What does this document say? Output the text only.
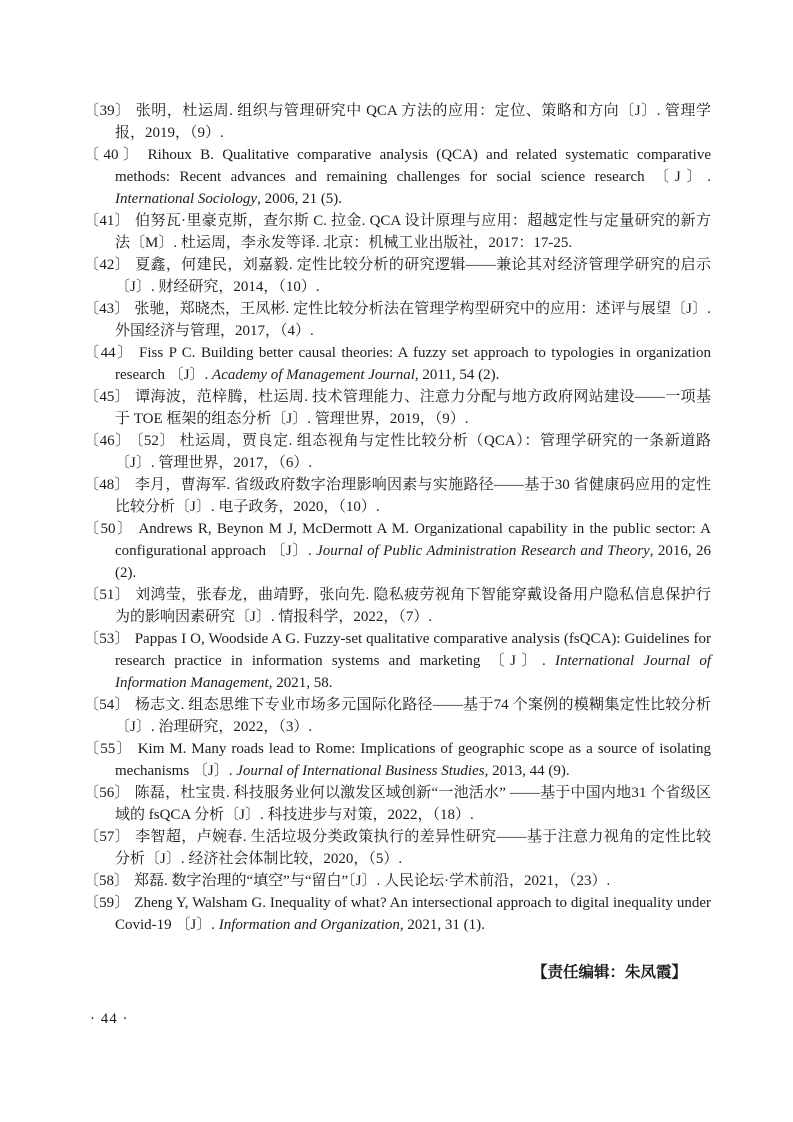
〔39〕 张明，杜运周. 组织与管理研究中 QCA 方法的应用：定位、策略和方向〔J〕. 管理学报，2019，（9）.
〔40〕 Rihoux B. Qualitative comparative analysis (QCA) and related systematic comparative methods: Recent advances and remaining challenges for social science research 〔J〕. International Sociology, 2006, 21 (5).
〔41〕 伯努瓦·里豪克斯，查尔斯 C. 拉金. QCA 设计原理与应用：超越定性与定量研究的新方法〔M〕. 杜运周，李永发等译. 北京：机械工业出版社，2017：17-25.
〔42〕 夏鑫，何建民，刘嘉毅. 定性比较分析的研究逻辑——兼论其对经济管理学研究的启示〔J〕. 财经研究，2014，（10）.
〔43〕 张驰，郑晓杰，王凤彬. 定性比较分析法在管理学构型研究中的应用：述评与展望〔J〕. 外国经济与管理，2017，（4）.
〔44〕 Fiss P C. Building better causal theories: A fuzzy set approach to typologies in organization research 〔J〕. Academy of Management Journal, 2011, 54 (2).
〔45〕 谭海波，范梓腾，杜运周. 技术管理能力、注意力分配与地方政府网站建设——一项基于 TOE 框架的组态分析〔J〕. 管理世界，2019，（9）.
〔46〕 〔52〕 杜运周，贾良定. 组态视角与定性比较分析（QCA）：管理学研究的一条新道路〔J〕. 管理世界，2017，（6）.
〔48〕 李月，曹海军. 省级政府数字治理影响因素与实施路径——基于30 省健康码应用的定性比较分析〔J〕. 电子政务，2020，（10）.
〔50〕 Andrews R, Beynon M J, McDermott A M. Organizational capability in the public sector: A configurational approach 〔J〕. Journal of Public Administration Research and Theory, 2016, 26 (2).
〔51〕 刘鸿莹，张春龙，曲靖野，张向先. 隐私疲劳视角下智能穿戴设备用户隐私信息保护行为的影响因素研究〔J〕. 情报科学，2022，（7）.
〔53〕 Pappas I O, Woodside A G. Fuzzy-set qualitative comparative analysis (fsQCA): Guidelines for research practice in information systems and marketing 〔J〕. International Journal of Information Management, 2021, 58.
〔54〕 杨志文. 组态思维下专业市场多元国际化路径——基于74 个案例的模糊集定性比较分析〔J〕. 治理研究，2022，（3）.
〔55〕 Kim M. Many roads lead to Rome: Implications of geographic scope as a source of isolating mechanisms 〔J〕. Journal of International Business Studies, 2013, 44 (9).
〔56〕 陈磊，杜宝贵. 科技服务业何以激发区域创新“一池活水” ——基于中国内地31 个省级区域的 fsQCA 分析〔J〕. 科技进步与对策，2022，（18）.
〔57〕 李智超，卢婉春. 生活垃圾分类政策执行的差异性研究——基于注意力视角的定性比较分析〔J〕. 经济社会体制比较，2020，（5）.
〔58〕 郑磊. 数字治理的“填空”与“留白”〔J〕. 人民论坛·学术前沿，2021，（23）.
〔59〕 Zheng Y, Walsham G. Inequality of what? An intersectional approach to digital inequality under Covid-19 〔J〕. Information and Organization, 2021, 31 (1).
【责任编辑：朱凤霞】
· 44 ·
